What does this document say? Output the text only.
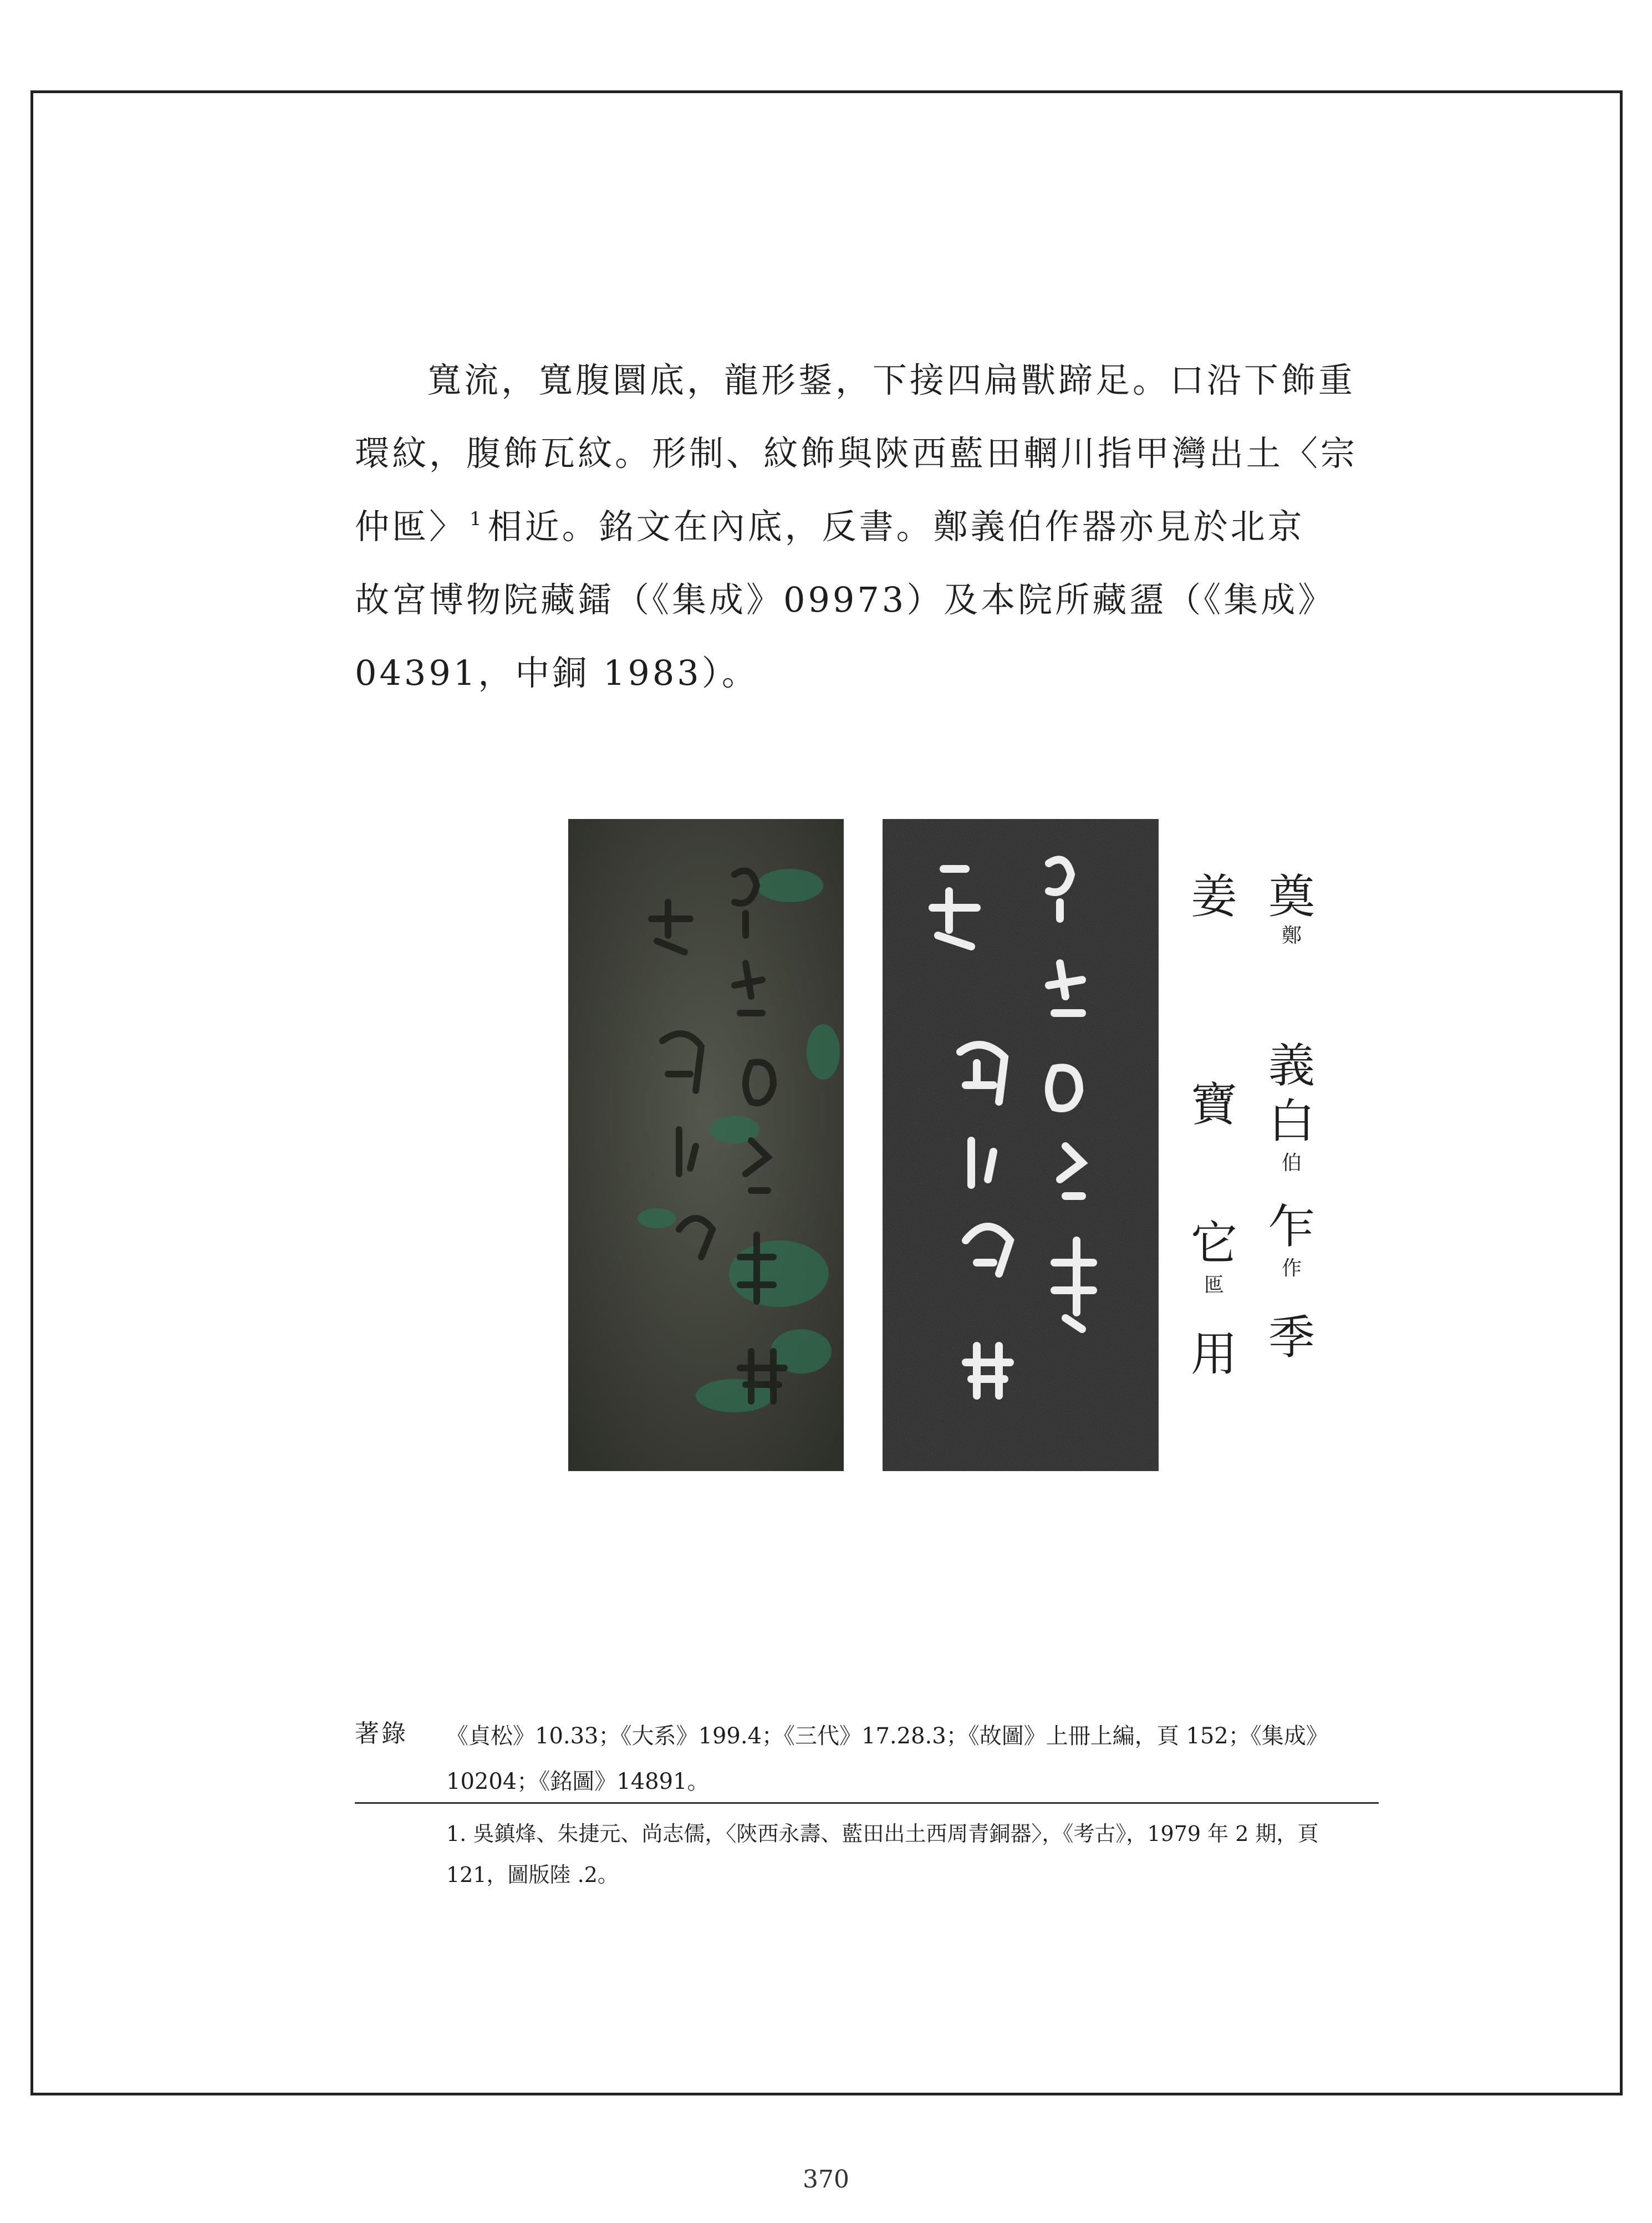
寬流，寬腹圜底，龍形鋬，下接四扁獸蹄足。口沿下飾重
環紋，腹飾瓦紋。形制、紋飾與陝西藍田輞川指甲灣出土〈宗
仲匜〉 $^1$相近。銘文在內底，反書。鄭義伯作器亦見於北京
故宮博物院藏鐳（《集成》09973）及本院所藏盨（《集成》
04391，中銅 1983）。

奠
鄭
義
白
伯
乍
作
季
姜
寶
它
匜
用
著錄 《貞松》10.33；《大系》199.4；《三代》17.28.3；《故圖》上冊上編，頁 152；《集成》
10204；《銘圖》14891。

1. 吳鎮烽、朱捷元、尚志儒，〈陝西永壽、藍田出土西周青銅器〉，《考古》，1979 年 2 期，頁
121，圖版陸 .2。

370
